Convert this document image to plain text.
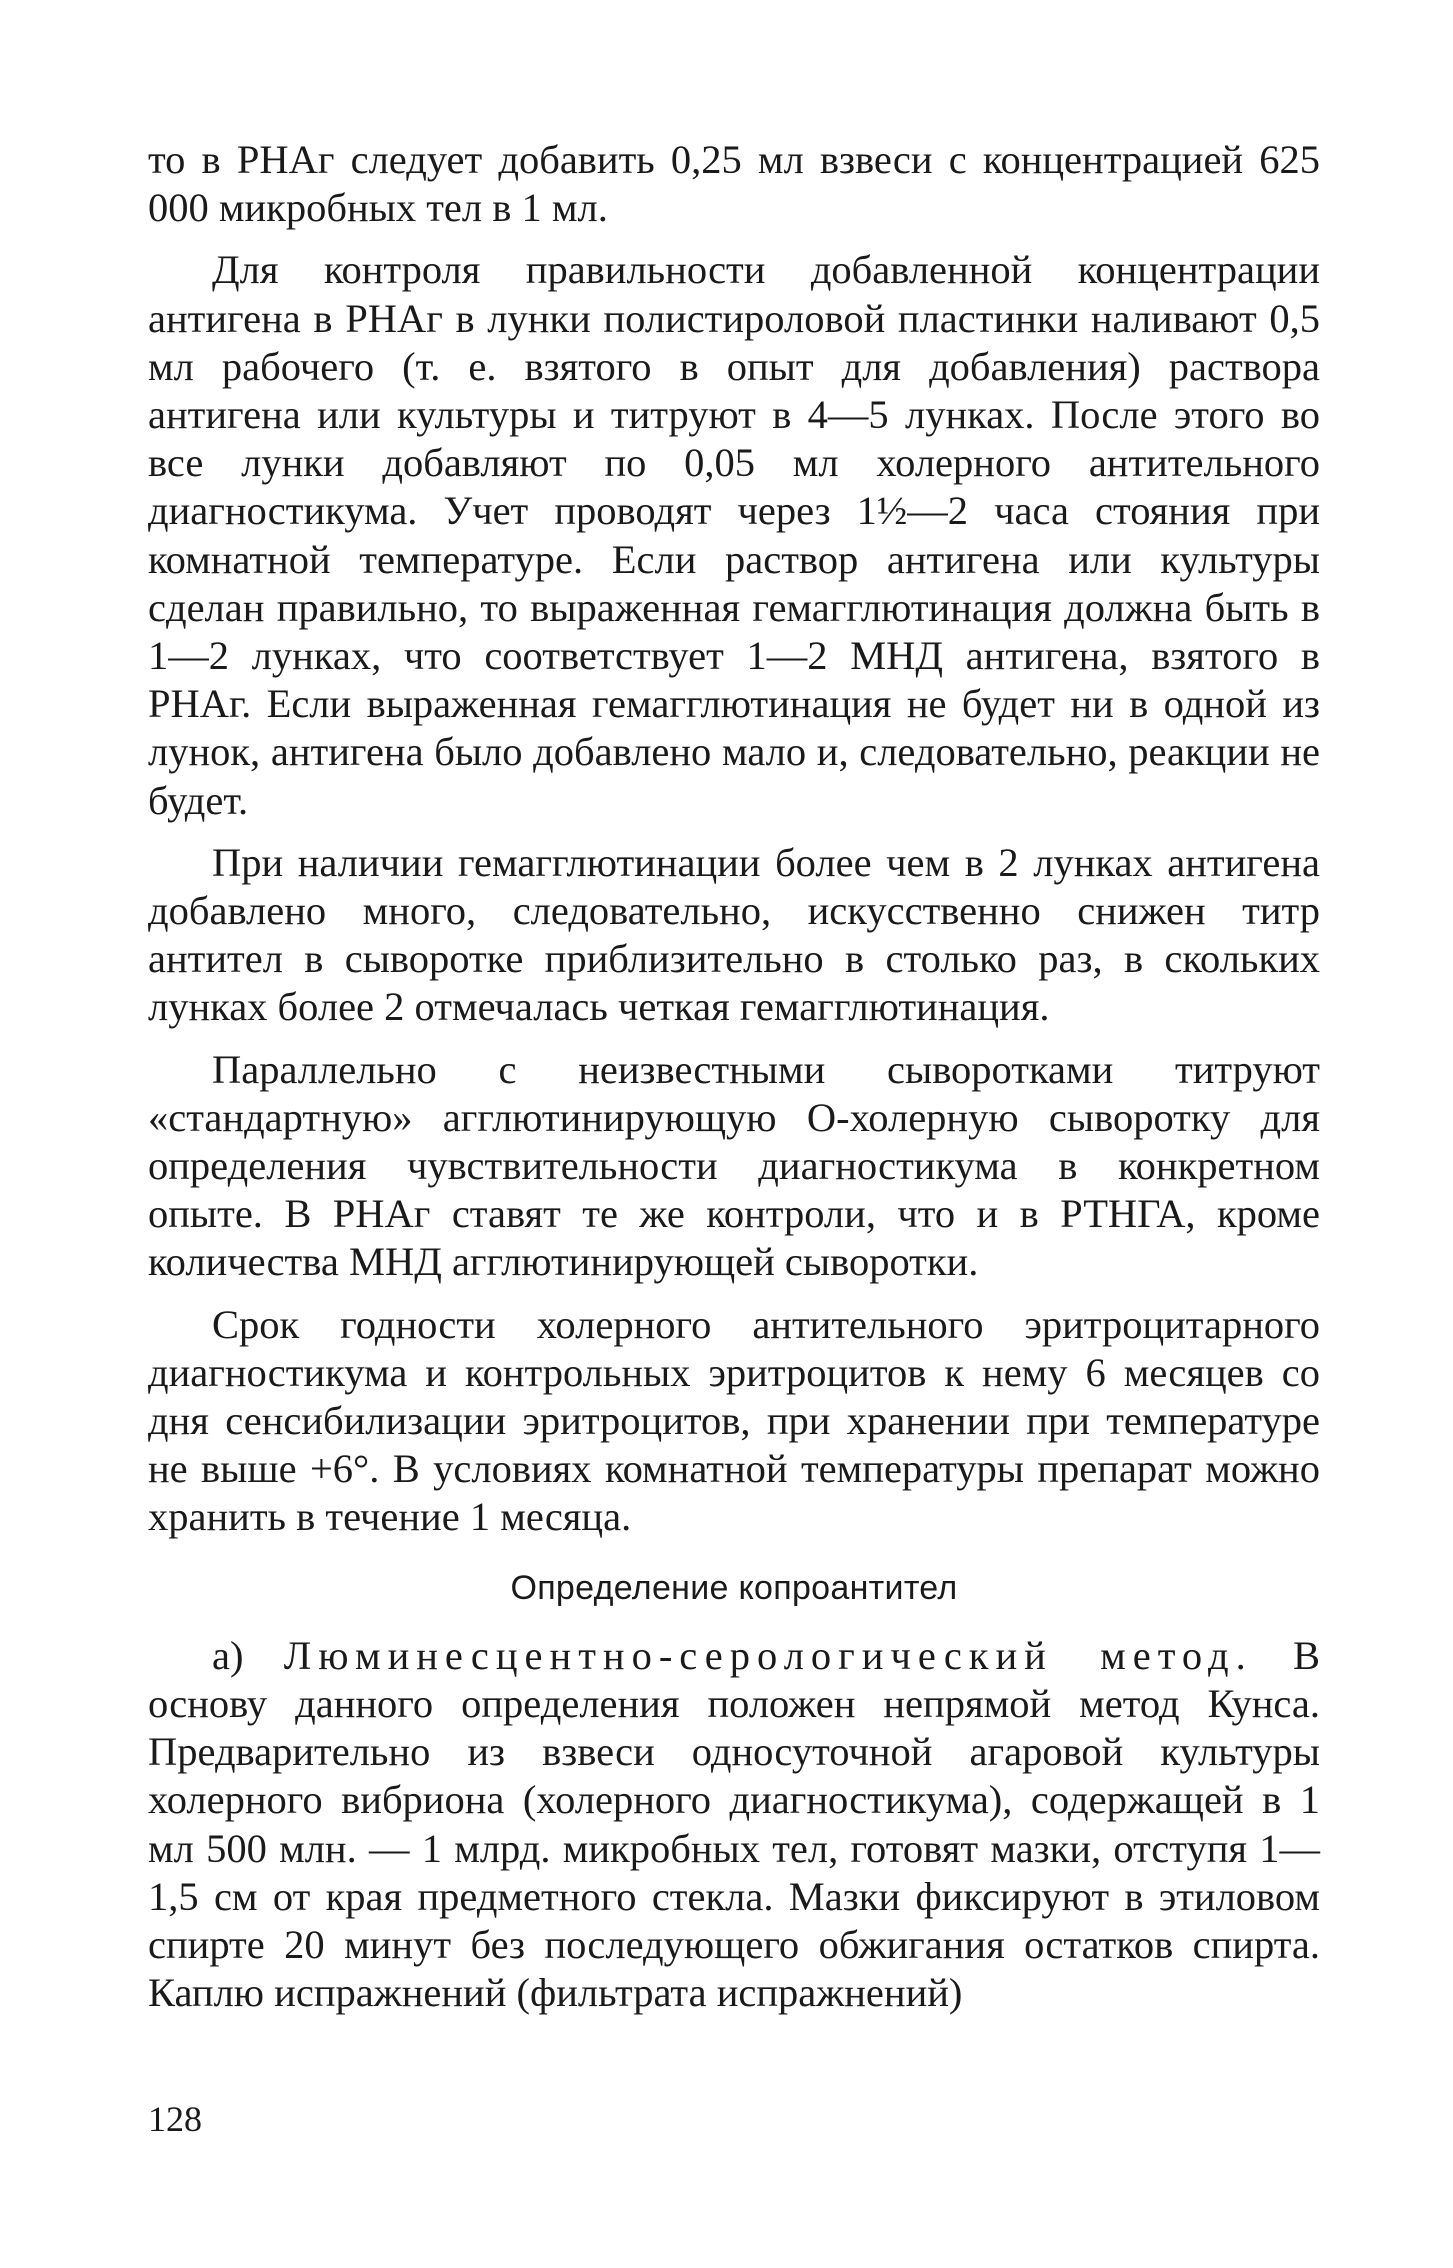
то в РНАг следует добавить 0,25 мл взвеси с концентрацией 625 000 микробных тел в 1 мл.

Для контроля правильности добавленной концентрации антигена в РНАг в лунки полистироловой пластинки наливают 0,5 мл рабочего (т. е. взятого в опыт для добавления) раствора антигена или культуры и титруют в 4—5 лунках. После этого во все лунки добавляют по 0,05 мл холерного антительного диагностикума. Учет проводят через 1½—2 часа стояния при комнатной температуре. Если раствор антигена или культуры сделан правильно, то выраженная гемагглютинация должна быть в 1—2 лунках, что соответствует 1—2 МНД антигена, взятого в РНАг. Если выраженная гемагглютинация не будет ни в одной из лунок, антигена было добавлено мало и, следовательно, реакции не будет.

При наличии гемагглютинации более чем в 2 лунках антигена добавлено много, следовательно, искусственно снижен титр антител в сыворотке приблизительно в столько раз, в скольких лунках более 2 отмечалась четкая гемагглютинация.

Параллельно с неизвестными сыворотками титруют «стандартную» агглютинирующую О-холерную сыворотку для определения чувствительности диагностикума в конкретном опыте. В РНАг ставят те же контроли, что и в РТНГА, кроме количества МНД агглютинирующей сыворотки.

Срок годности холерного антительного эритроцитарного диагностикума и контрольных эритроцитов к нему 6 месяцев со дня сенсибилизации эритроцитов, при хранении при температуре не выше +6°. В условиях комнатной температуры препарат можно хранить в течение 1 месяца.

Определение копроантител

а) Люминесцентно-серологический метод. В основу данного определения положен непрямой метод Кунса. Предварительно из взвеси односуточной агаровой культуры холерного вибриона (холерного диагностикума), содержащей в 1 мл 500 млн. — 1 млрд. микробных тел, готовят мазки, отступя 1—1,5 см от края предметного стекла. Мазки фиксируют в этиловом спирте 20 минут без последующего обжигания остатков спирта. Каплю испражнений (фильтрата испражнений)

128
